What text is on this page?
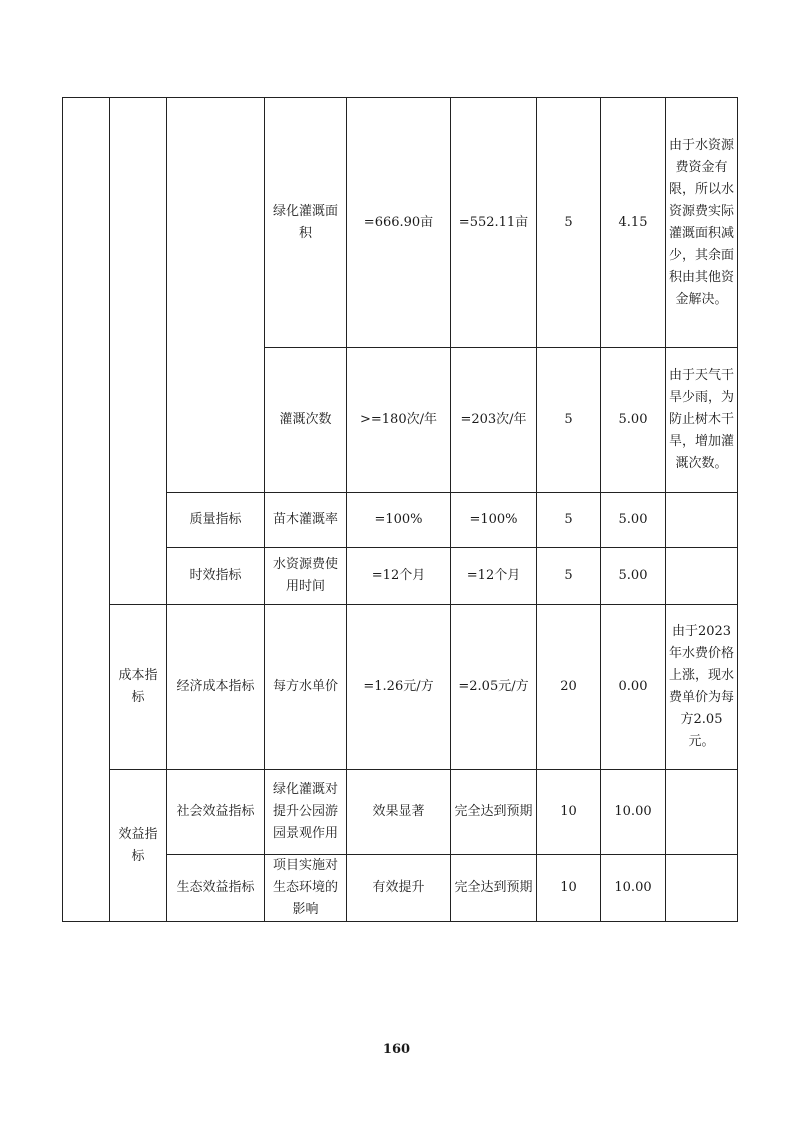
			绿化灌溉面积	=666.90亩	=552.11亩	5	4.15	由于水资源费资金有限，所以水资源费实际灌溉面积减少，其余面积由其他资金解决。
			灌溉次数	>=180次/年	=203次/年	5	5.00	由于天气干旱少雨，为防止树木干旱，增加灌溉次数。
		质量指标	苗木灌溉率	=100%	=100%	5	5.00	
		时效指标	水资源费使用时间	=12个月	=12个月	5	5.00	
	成本指标	经济成本指标	每方水单价	=1.26元/方	=2.05元/方	20	0.00	由于2023年水费价格上涨，现水费单价为每方2.05元。
	效益指标	社会效益指标	绿化灌溉对提升公园游园景观作用	效果显著	完全达到预期	10	10.00	
		生态效益指标	项目实施对生态环境的影响	有效提升	完全达到预期	10	10.00	
160
